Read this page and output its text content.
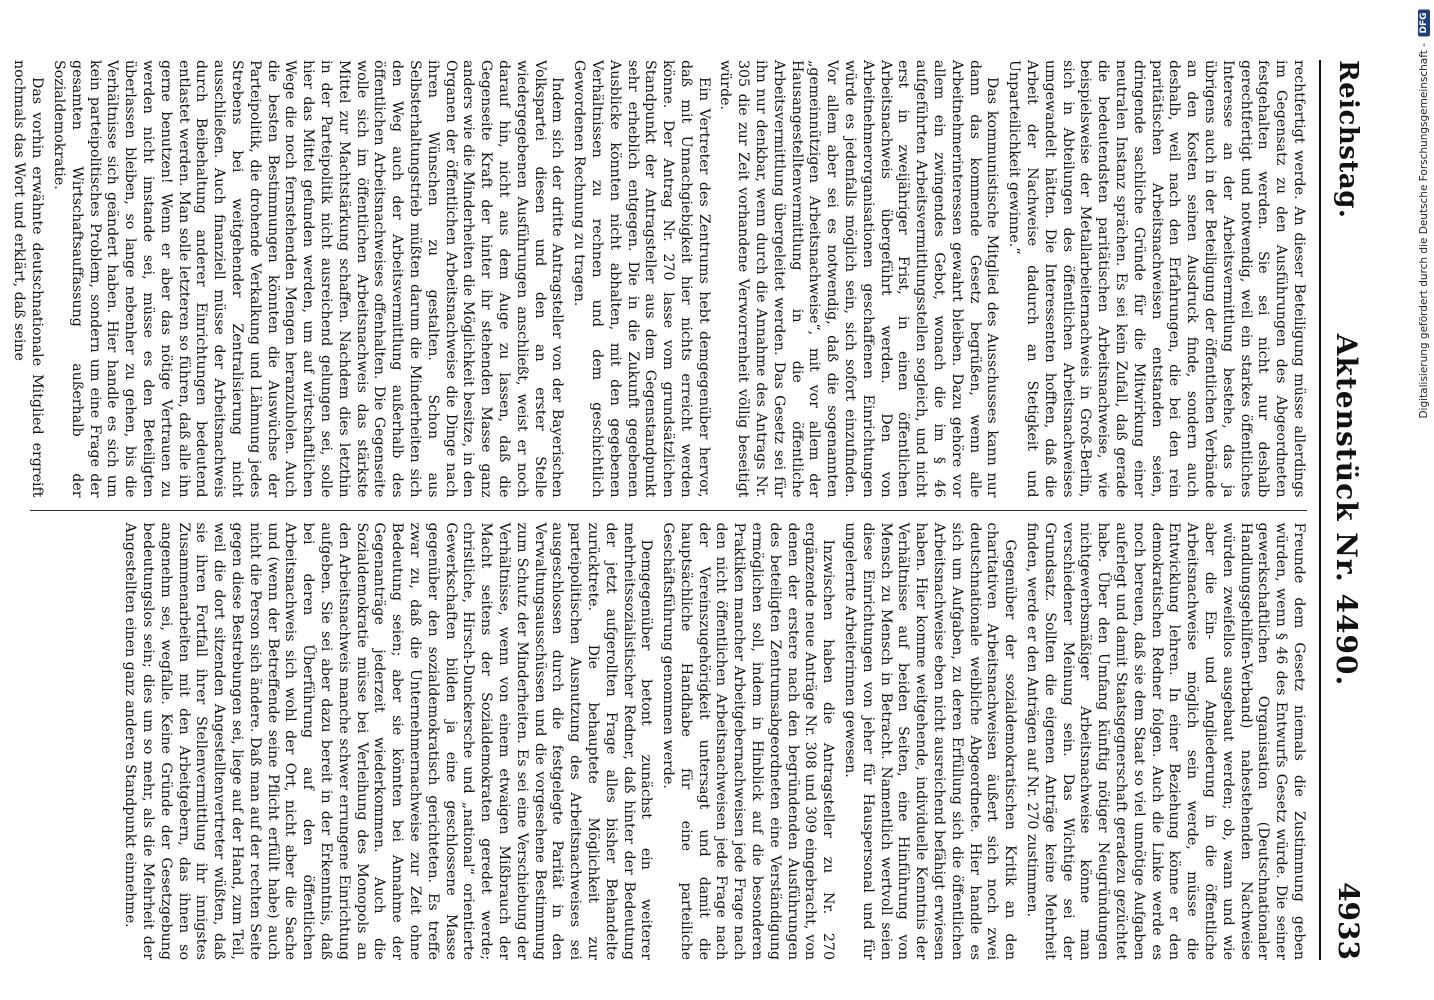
Reichstag.
Aktenstück Nr. 4490.
4933

rechtfertigt werde. An dieser Beteiligung müsse allerdings im Gegensatz zu den Ausführungen des Abgeordneten festgehalten werden. Sie sei nicht nur deshalb gerechtfertigt und notwendig, weil ein starkes öffentliches Interesse an der Arbeitsvermittlung bestehe, das ja übrigens auch in der Beteiligung der öffentlichen Verbände an den Kosten seinen Ausdruck finde, sondern auch deshalb, weil nach den Erfahrungen, die bei den rein paritätischen Arbeitsnachweisen entstanden seien, dringende sachliche Gründe für die Mitwirkung einer neutralen Instanz sprächen. Es sei kein Zufall, daß gerade die bedeutendsten paritätischen Arbeitsnachweise, wie beispielsweise der Metallarbeiternachweis in Groß-Berlin, sich in Abteilungen des öffentlichen Arbeitsnachweises umgewandelt hätten. Die Interessenten hofften, daß die Arbeit der Nachweise dadurch an Stetigkeit und Unparteilichkeit gewinne.“

Das kommunistische Mitglied des Ausschusses kann nur dann das kommende Gesetz begrüßen, wenn alle Arbeitnehmerinteressen gewahrt bleiben. Dazu gehöre vor allem ein zwingendes Gebot, wonach die im § 46 aufgeführten Arbeitsvermittlungsstellen sogleich, und nicht erst in zweijähriger Frist, in einen öffentlichen Arbeitsnachweis übergeführt werden. Den von Arbeitnehmerorganisationen geschaffenen Einrichtungen würde es jedenfalls möglich sein, sich sofort einzufinden. Vor allem aber sei es notwendig, daß die sogenannten „gemeinnützigen Arbeitsnachweise“, mit vor allem der Hausangestelltenvermittlung in die öffentliche Arbeitsvermittlung übergeleitet werden. Das Gesetz sei für ihn nur denkbar, wenn durch die Annahme des Antrags Nr. 305 die zur Zeit vorhandene Verworrenheit völlig beseitigt würde.

Ein Vertreter des Zentrums hebt demgegenüber hervor, daß mit Unnachgiebigkeit hier nichts erreicht werden könne. Der Antrag Nr. 270 lasse vom grundsätzlichen Standpunkt der Antragsteller aus dem Gegenstandpunkt sehr erheblich entgegen. Die in die Zukunft gegebenen Ausblicke könnten nicht abhalten, mit den gegebenen Verhältnissen zu rechnen und dem geschichtlich Gewordenen Rechnung zu tragen.

Indem sich der dritte Antragsteller von der Bayerischen Volkspartei diesen und den an erster Stelle wiedergegebenen Ausführungen anschließt, weist er noch darauf hin, nicht aus dem Auge zu lassen, daß die Gegenseite Kraft der hinter ihr stehenden Masse ganz anders wie die Minderheiten die Möglichkeit besitze, in den Organen der öffentlichen Arbeitsnachweise die Dinge nach ihren Wünschen zu gestalten. Schon aus Selbsterhaltungstrieb müßten darum die Minderheiten sich den Weg auch der Arbeitsvermittlung außerhalb des öffentlichen Arbeitsnachweises offenhalten. Die Gegenseite wolle sich im öffentlichen Arbeitsnachweis das stärkste Mittel zur Machtstärkung schaffen. Nachdem dies letzthin in der Parteipolitik nicht ausreichend gelungen sei, solle hier das Mittel gefunden werden, um auf wirtschaftlichen Wege die noch fernstehenden Mengen heranzuholen. Auch die besten Bestimmungen könnten die Auswüchse der Parteipolitik, die drohende Verkalkung und Lähmung jedes Strebens bei weitgehender Zentralisierung nicht ausschließen. Auch finanziell müsse der Arbeitsnachweis durch Beibehaltung anderer Einrichtungen bedeutend entlastet werden. Man solle letzteren so führen, daß alle ihn gerne benutzen! Wenn er aber das nötige Vertrauen zu werden nicht imstande sei, müsse es den Beteiligten überlassen bleiben, so lange nebenher zu gehen, bis die Verhältnisse sich geändert haben. Hier handle es sich um kein parteipolitisches Problem, sondern um eine Frage der gesamten Wirtschaftsauffassung außerhalb der Sozialdemokratie.

Das vorhin erwähnte deutschnationale Mitglied ergreift nochmals das Wort und erklärt, daß seine

Freunde dem Gesetz niemals die Zustimmung geben würden, wenn § 46 des Entwurfs Gesetz würde. Die seiner gewerkschaftlichen Organisation (Deutschnationaler Handlungsgehilfen-Verband) nahestehenden Nachweise würden zweifellos ausgebaut werden; ob, wann und wie aber die Ein- und Angliederung in die öffentliche Arbeitsnachweise möglich sein werde, müsse die Entwicklung lehren. In einer Beziehung könne er den demokratischen Redner folgen. Auch die Linke werde es noch bereuen, daß sie dem Staat so viel unnötige Aufgaben auferlegt und damit Staatsgegnerschaft geradezu gezüchtet habe. Über den Umfang künftig nötiger Neugründungen nichtgewerbsmäßiger Arbeitsnachweise könne man verschiedener Meinung sein. Das Wichtige sei der Grundsatz. Sollten die eigenen Anträge keine Mehrheit finden, werde er den Anträgen auf Nr. 270 zustimmen.

Gegenüber der sozialdemokratischen Kritik an den charitativen Arbeitsnachweisen äußert sich noch zwei deutschnationale weibliche Abgeordnete. Hier handle es sich um Aufgaben, zu deren Erfüllung sich die öffentlichen Arbeitsnachweise eben nicht ausreichend befähigt erwiesen haben. Hier komme weitgehende, individuelle Kenntnis der Verhältnisse auf beiden Seiten, eine Hinführung von Mensch zu Mensch in Betracht. Namentlich wertvoll seien diese Einrichtungen von jeher für Hauspersonal und für ungelernte Arbeiterinnen gewesen.

Inzwischen haben die Antragsteller zu Nr. 270 ergänzende neue Anträge Nr. 308 und 309 eingebracht, von denen der erstere nach den begründenden Ausführungen des beteiligten Zentrumsabgeordneten eine Verständigung ermöglichen soll, indem in Hinblick auf die besonderen Praktiken mancher Arbeitgebernachweisen jede Frage nach den nicht öffentlichen Arbeitsnachweisen jede Frage nach der Vereinszugehörigkeit untersagt und damit die hauptsächliche Handhabe für eine parteiliche Geschäftsführung genommen werde.

Demgegenüber betont zunächst ein weiterer mehrheitssozialistischer Redner, daß hinter der Bedeutung der jetzt aufgerollten Frage alles bisher Behandelte zurücktrete. Die behauptete Möglichkeit zur parteipolitischen Ausnutzung des Arbeitsnachweises sei ausgeschlossen durch die festgelegte Parität in den Verwaltungsausschüssen und die vorgesehene Bestimmung zum Schutz der Minderheiten. Es sei eine Verschiebung der Verhältnisse, wenn von einem etwaigen Mißbrauch der Macht seitens der Sozialdemokraten geredet werde; christliche, Hirsch-Dunckersche und „national“ orientierte Gewerkschaften bilden ja eine geschlossene Masse gegenüber den sozialdemokratisch gerichteten. Es treffe zwar zu, daß die Unternehmernachweise zur Zeit ohne Bedeutung seien; aber sie könnten bei Annahme der Gegenanträge jederzeit wiederkommen. Auch die Sozialdemokratie müsse bei Verleihung des Monopols an den Arbeitsnachweis manche schwer errungene Einrichtung aufgeben. Sie sei aber dazu bereit in der Erkenntnis, daß bei deren Überführung auf den öffentlichen Arbeitsnachweis sich wohl der Ort, nicht aber die Sache und (wenn der Betreffende seine Pflicht erfüllt habe) auch nicht die Person sich ändere. Daß man auf der rechten Seite gegen diese Bestrebungen sei, liege auf der Hand, zum Teil, weil die dort sitzenden Angestelltenvertreter wüßten, daß sie ihren Fortfall ihrer Stellenvermittlung ihr innigstes Zusammenarbeiten mit den Arbeitgebern, das ihnen so angenehm sei, wegfalle. Keine Gründe der Gesetzgebung bedeutungslos sein; dies um so mehr, als die Mehrheit der Angestellten einen ganz anderen Standpunkt einnehme.

Digitalisierung gefördert durch die Deutsche Forschungsgemeinschaft -
DFG
